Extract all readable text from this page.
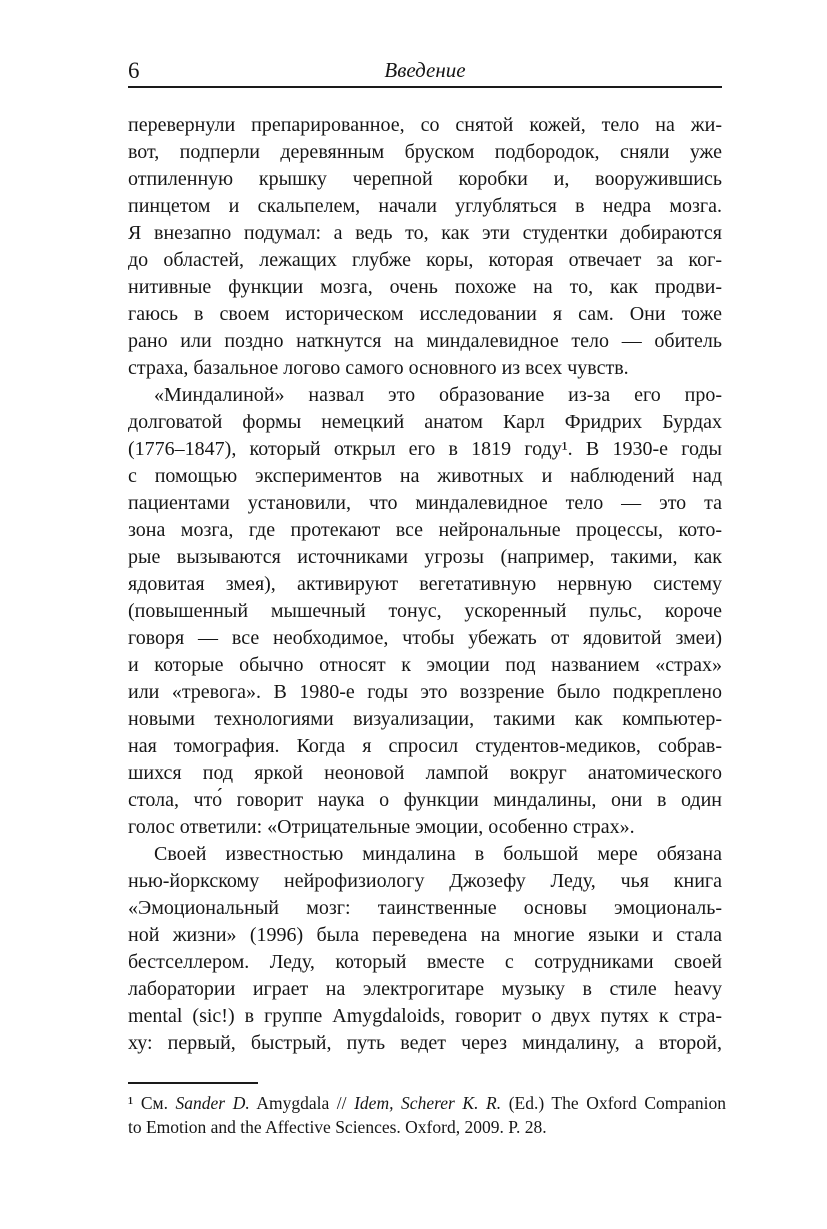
6	Введение
перевернули препарированное, со снятой кожей, тело на жи-
вот, подперли деревянным бруском подбородок, сняли уже
отпиленную крышку черепной коробки и, вооружившись
пинцетом и скальпелем, начали углубляться в недра мозга.
Я внезапно подумал: а ведь то, как эти студентки добираются
до областей, лежащих глубже коры, которая отвечает за ког-
нитивные функции мозга, очень похоже на то, как продви-
гаюсь в своем историческом исследовании я сам. Они тоже
рано или поздно наткнутся на миндалевидное тело — обитель
страха, базальное логово самого основного из всех чувств.
«Миндалиной» назвал это образование из-за его про-
долговатой формы немецкий анатом Карл Фридрих Бурдах
(1776–1847), который открыл его в 1819 году¹. В 1930-е годы
с помощью экспериментов на животных и наблюдений над
пациентами установили, что миндалевидное тело — это та
зона мозга, где протекают все нейрональные процессы, кото-
рые вызываются источниками угрозы (например, такими, как
ядовитая змея), активируют вегетативную нервную систему
(повышенный мышечный тонус, ускоренный пульс, короче
говоря — все необходимое, чтобы убежать от ядовитой змеи)
и которые обычно относят к эмоции под названием «страх»
или «тревога». В 1980-е годы это воззрение было подкреплено
новыми технологиями визуализации, такими как компьютер-
ная томография. Когда я спросил студентов-медиков, собрав-
шихся под яркой неоновой лампой вокруг анатомического
стола, что́ говорит наука о функции миндалины, они в один
голос ответили: «Отрицательные эмоции, особенно страх».
Своей известностью миндалина в большой мере обязана
нью-йоркскому нейрофизиологу Джозефу Леду, чья книга
«Эмоциональный мозг: таинственные основы эмоциональ-
ной жизни» (1996) была переведена на многие языки и стала
бестселлером. Леду, который вместе с сотрудниками своей
лаборатории играет на электрогитаре музыку в стиле heavy
mental (sic!) в группе Amygdaloids, говорит о двух путях к стра-
ху: первый, быстрый, путь ведет через миндалину, а второй,
¹ См. Sander D. Amygdala // Idem, Scherer K. R. (Ed.) The Oxford Companion
to Emotion and the Affective Sciences. Oxford, 2009. P. 28.
